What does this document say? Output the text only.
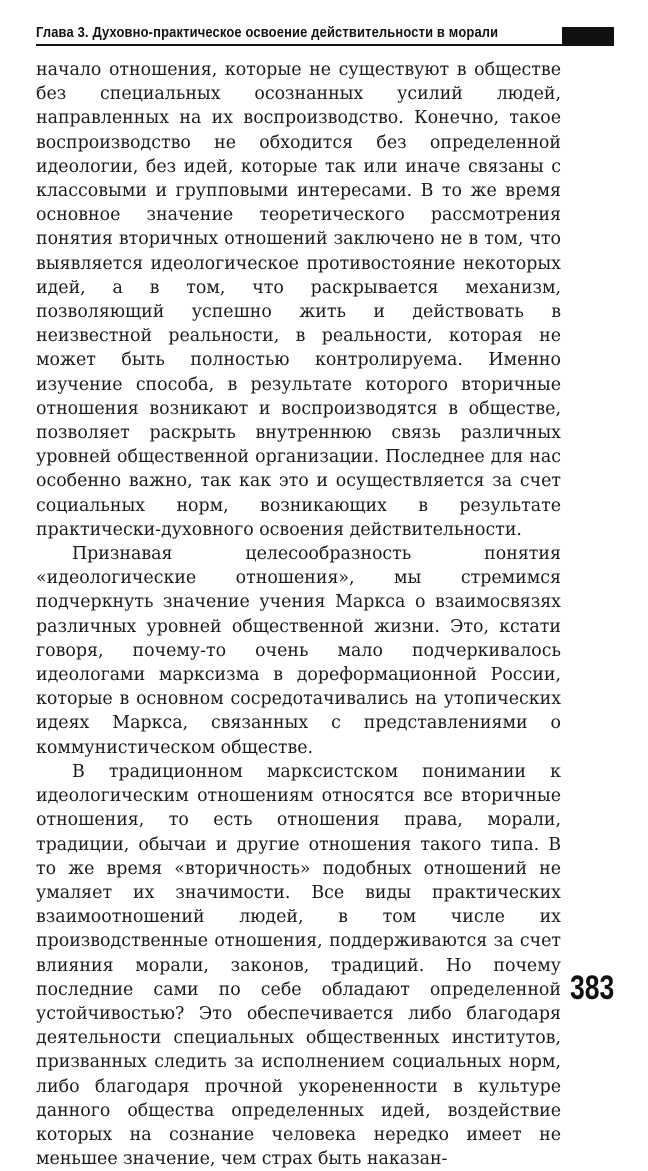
Глава 3. Духовно-практическое освоение действительности в морали

начало отношения, которые не существуют в обществе без специальных осознанных усилий людей, направленных на их воспроизводство. Конечно, такое воспроизводство не обходится без определенной идеологии, без идей, которые так или иначе связаны с классовыми и групповыми интересами. В то же время основное значение теоретического рассмотрения понятия вторичных отношений заключено не в том, что выявляется идеологическое противостояние некоторых идей, а в том, что раскрывается механизм, позволяющий успешно жить и действовать в неизвестной реальности, в реальности, которая не может быть полностью контролируема. Именно изучение способа, в результате которого вторичные отношения возникают и воспроизводятся в обществе, позволяет раскрыть внутреннюю связь различных уровней общественной организации. Последнее для нас особенно важно, так как это и осуществляется за счет социальных норм, возникающих в результате практически-духовного освоения действительности.

Признавая целесообразность понятия «идеологические отношения», мы стремимся подчеркнуть значение учения Маркса о взаимосвязях различных уровней общественной жизни. Это, кстати говоря, почему-то очень мало подчеркивалось идеологами марксизма в дореформационной России, которые в основном сосредотачивались на утопических идеях Маркса, связанных с представлениями о коммунистическом обществе.

В традиционном марксистском понимании к идеологическим отношениям относятся все вторичные отношения, то есть отношения права, морали, традиции, обычаи и другие отношения такого типа. В то же время «вторичность» подобных отношений не умаляет их значимости. Все виды практических взаимоотношений людей, в том числе их производственные отношения, поддерживаются за счет влияния морали, законов, традиций. Но почему последние сами по себе обладают определенной устойчивостью? Это обеспечивается либо благодаря деятельности специальных общественных институтов, призванных следить за исполнением социальных норм, либо благодаря прочной укорененности в культуре данного общества определенных идей, воздействие которых на сознание человека нередко имеет не меньшее значение, чем страх быть наказан-

383
